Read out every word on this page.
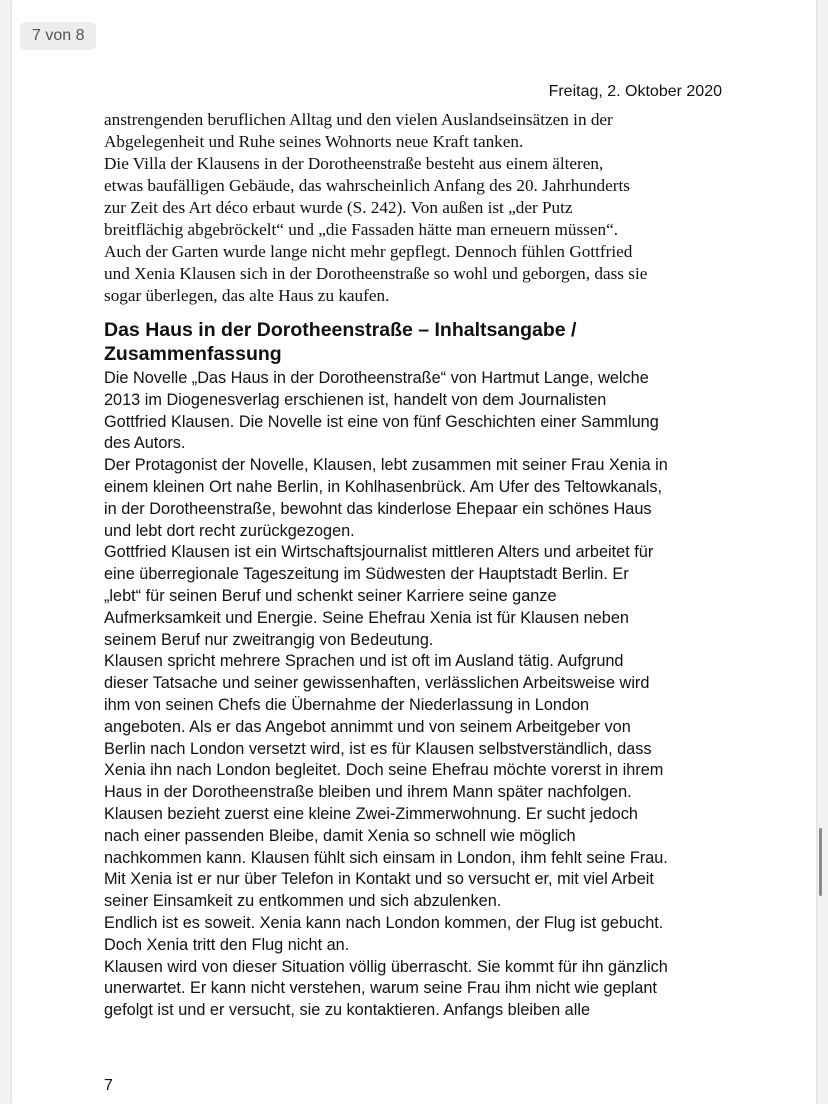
7 von 8
Freitag, 2. Oktober 2020

anstrengenden beruflichen Alltag und den vielen Auslandseinsätzen in der

Abgelegenheit und Ruhe seines Wohnorts neue Kraft tanken.

Die Villa der Klausens in der Dorotheenstraße besteht aus einem älteren,

etwas baufälligen Gebäude, das wahrscheinlich Anfang des 20. Jahrhunderts

zur Zeit des Art déco erbaut wurde (S. 242). Von außen ist „der Putz

breitflächig abgebröckelt“ und „die Fassaden hätte man erneuern müssen“.

Auch der Garten wurde lange nicht mehr gepflegt. Dennoch fühlen Gottfried

und Xenia Klausen sich in der Dorotheenstraße so wohl und geborgen, dass sie

sogar überlegen, das alte Haus zu kaufen.

Das Haus in der Dorotheenstraße – Inhaltsangabe /
Zusammenfassung

Die Novelle „Das Haus in der Dorotheenstraße“ von Hartmut Lange, welche

2013 im Diogenesverlag erschienen ist, handelt von dem Journalisten

Gottfried Klausen. Die Novelle ist eine von fünf Geschichten einer Sammlung

des Autors.

Der Protagonist der Novelle, Klausen, lebt zusammen mit seiner Frau Xenia in

einem kleinen Ort nahe Berlin, in Kohlhasenbrück. Am Ufer des Teltowkanals,

in der Dorotheenstraße, bewohnt das kinderlose Ehepaar ein schönes Haus

und lebt dort recht zurückgezogen.

Gottfried Klausen ist ein Wirtschaftsjournalist mittleren Alters und arbeitet für

eine überregionale Tageszeitung im Südwesten der Hauptstadt Berlin. Er

„lebt“ für seinen Beruf und schenkt seiner Karriere seine ganze

Aufmerksamkeit und Energie. Seine Ehefrau Xenia ist für Klausen neben

seinem Beruf nur zweitrangig von Bedeutung.

Klausen spricht mehrere Sprachen und ist oft im Ausland tätig. Aufgrund

dieser Tatsache und seiner gewissenhaften, verlässlichen Arbeitsweise wird

ihm von seinen Chefs die Übernahme der Niederlassung in London

angeboten. Als er das Angebot annimmt und von seinem Arbeitgeber von

Berlin nach London versetzt wird, ist es für Klausen selbstverständlich, dass

Xenia ihn nach London begleitet. Doch seine Ehefrau möchte vorerst in ihrem

Haus in der Dorotheenstraße bleiben und ihrem Mann später nachfolgen.

Klausen bezieht zuerst eine kleine Zwei-Zimmerwohnung. Er sucht jedoch

nach einer passenden Bleibe, damit Xenia so schnell wie möglich

nachkommen kann. Klausen fühlt sich einsam in London, ihm fehlt seine Frau.

Mit Xenia ist er nur über Telefon in Kontakt und so versucht er, mit viel Arbeit

seiner Einsamkeit zu entkommen und sich abzulenken.

Endlich ist es soweit. Xenia kann nach London kommen, der Flug ist gebucht.

Doch Xenia tritt den Flug nicht an.

Klausen wird von dieser Situation völlig überrascht. Sie kommt für ihn gänzlich

unerwartet. Er kann nicht verstehen, warum seine Frau ihm nicht wie geplant

gefolgt ist und er versucht, sie zu kontaktieren. Anfangs bleiben alle

7
